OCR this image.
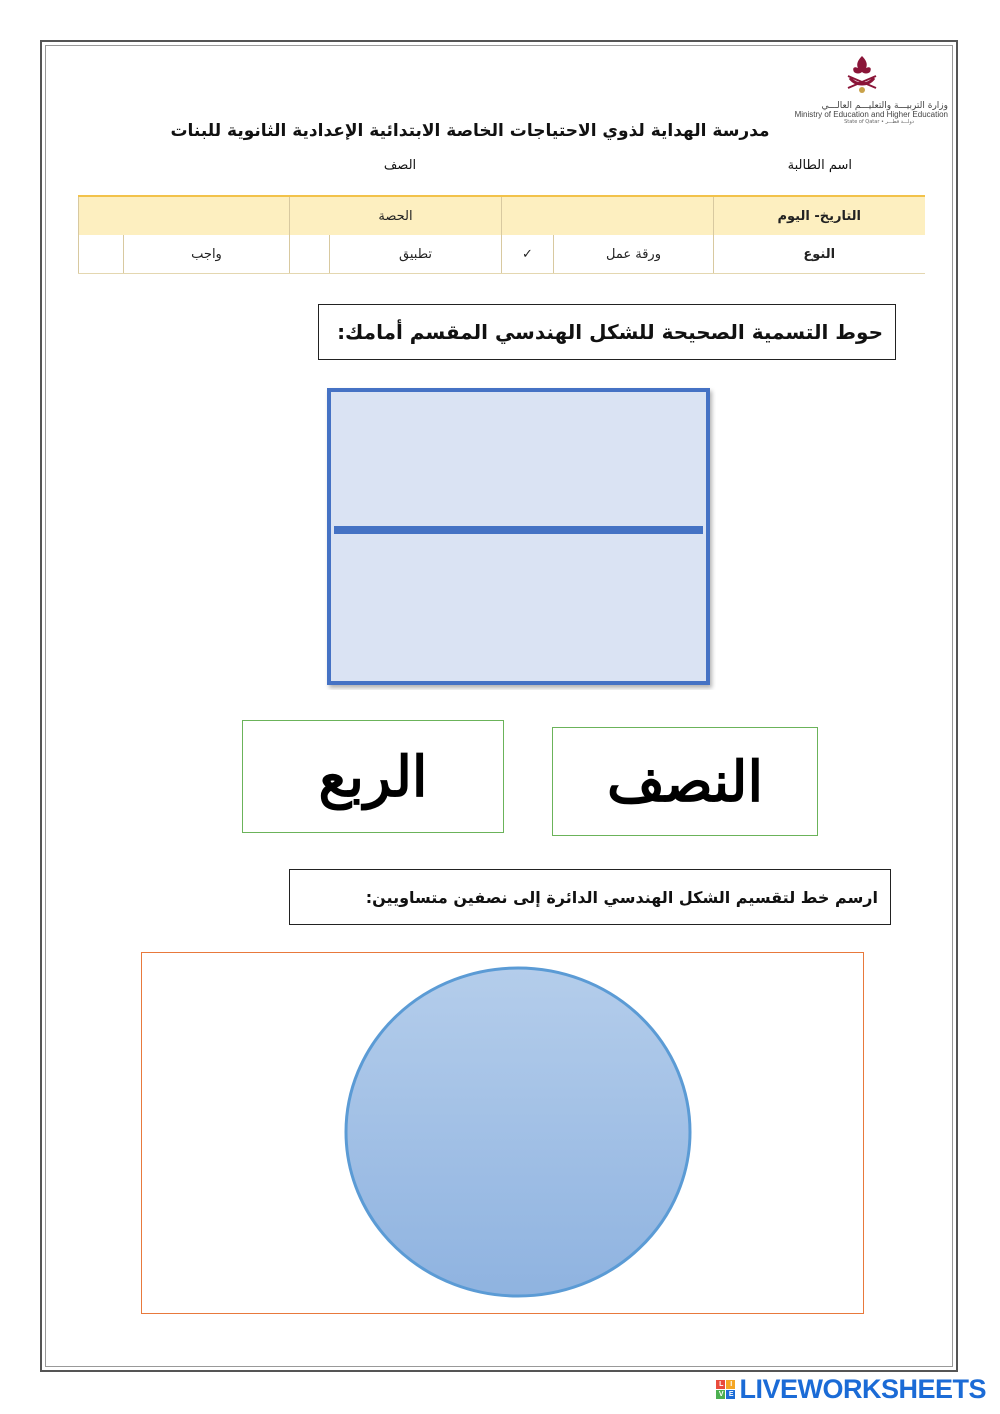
وزارة التربيـــة والتعليـــم العالـــي
Ministry of Education and Higher Education
State of Qatar • دولـــة قطـــر
مدرسة الهداية لذوي الاحتياجات الخاصة الابتدائية الإعدادية الثانوية للبنات
اسم الطالبة
الصف
التاريخ- اليوم			الحصة			
النوع	ورقة عمل	✓	تطبيق		واجب	
حوط التسمية الصحيحة للشكل الهندسي المقسم أمامك:
النصف
الربع
ارسم خط لتقسيم الشكل الهندسي الدائرة إلى نصفين متساويين:
L	I
V E LIVEWORKSHEETS
